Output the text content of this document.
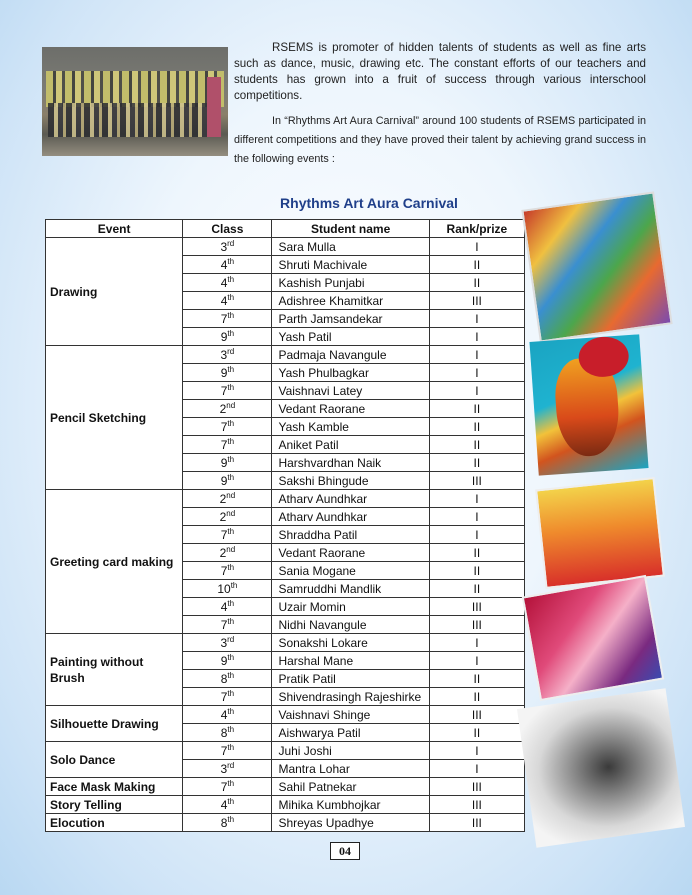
RSEMS is promoter of hidden talents of students as well as fine arts such as dance, music, drawing etc. The constant efforts of our teachers and students has grown into a fruit of success through various interschool competitions.

In “Rhythms Art Aura Carnival” around 100 students of RSEMS participated in different competitions and they have proved their talent by achieving grand success in the following events :

Rhythms Art Aura Carnival
Event	Class	Student name	Rank/prize
Drawing	3rd	Sara Mulla	I
	4th	Shruti Machivale	II
	4th	Kashish Punjabi	II
	4th	Adishree Khamitkar	III
	7th	Parth Jamsandekar	I
	9th	Yash Patil	I
Pencil Sketching	3rd	Padmaja Navangule	I
	9th	Yash Phulbagkar	I
	7th	Vaishnavi Latey	I
	2nd	Vedant Raorane	II
	7th	Yash Kamble	II
	7th	Aniket Patil	II
	9th	Harshvardhan Naik	II
	9th	Sakshi Bhingude	III
Greeting card making	2nd	Atharv Aundhkar	I
	2nd	Atharv Aundhkar	I
	7th	Shraddha Patil	I
	2nd	Vedant Raorane	II
	7th	Sania Mogane	II
	10th	Samruddhi Mandlik	II
	4th	Uzair Momin	III
	7th	Nidhi Navangule	III
Painting without Brush	3rd	Sonakshi Lokare	I
	9th	Harshal Mane	I
	8th	Pratik Patil	II
	7th	Shivendrasingh Rajeshirke	II
Silhouette Drawing	4th	Vaishnavi Shinge	III
	8th	Aishwarya Patil	II
Solo Dance	7th	Juhi Joshi	I
	3rd	Mantra Lohar	I
Face Mask Making	7th	Sahil Patnekar	III
Story Telling	4th	Mihika Kumbhojkar	III
Elocution	8th	Shreyas Upadhye	III
04
